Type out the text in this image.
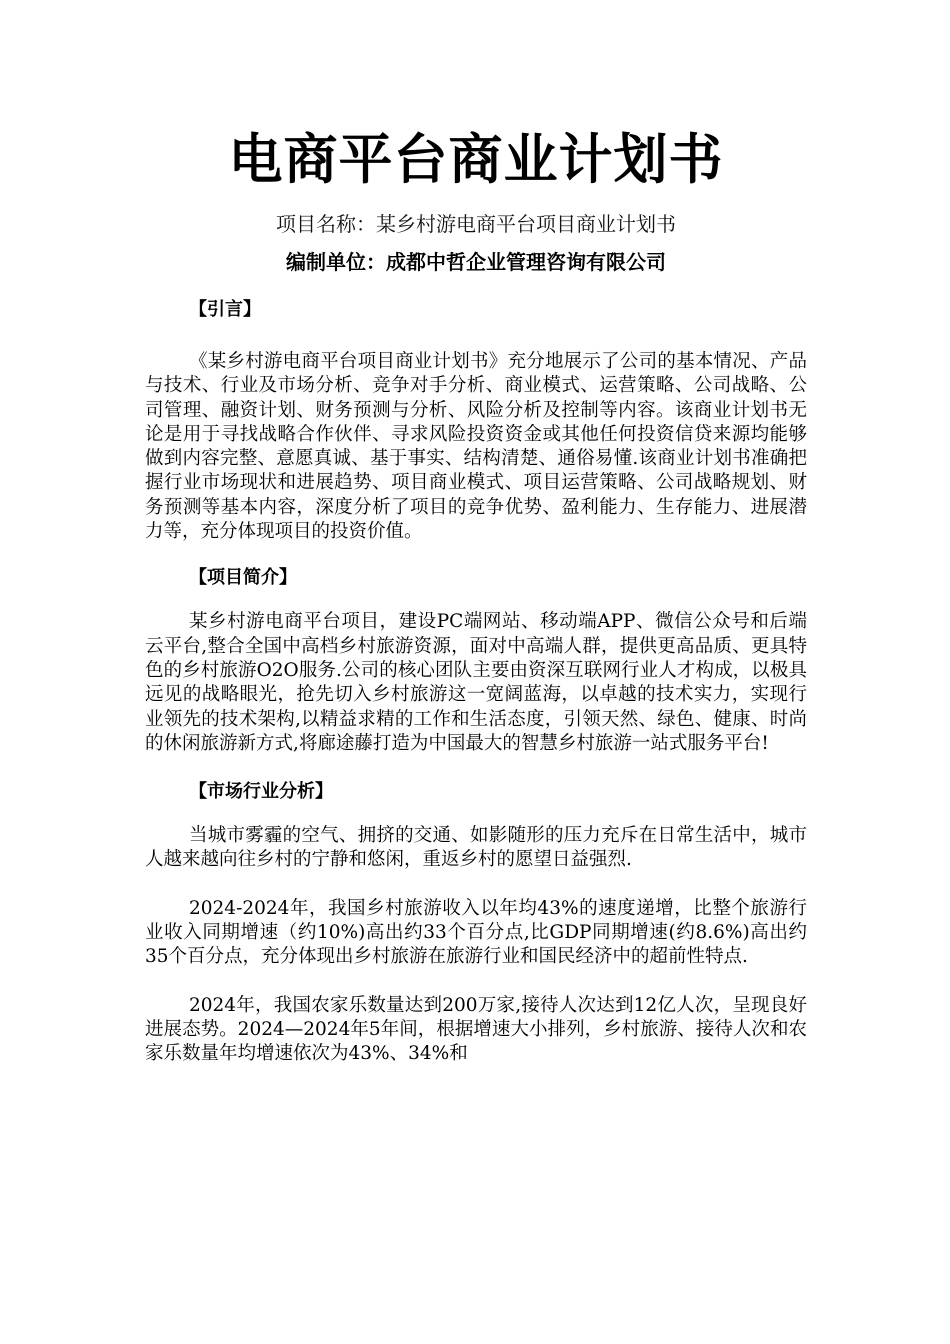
电商平台商业计划书
项目名称：某乡村游电商平台项目商业计划书
编制单位：成都中哲企业管理咨询有限公司
【引言】

《某乡村游电商平台项目商业计划书》充分地展示了公司的基本情况、产品与技术、行业及市场分析、竞争对手分析、商业模式、运营策略、公司战略、公司管理、融资计划、财务预测与分析、风险分析及控制等内容。该商业计划书无论是用于寻找战略合作伙伴、寻求风险投资资金或其他任何投资信贷来源均能够做到内容完整、意愿真诚、基于事实、结构清楚、通俗易懂.该商业计划书准确把握行业市场现状和进展趋势、项目商业模式、项目运营策略、公司战略规划、财务预测等基本内容，深度分析了项目的竞争优势、盈利能力、生存能力、进展潜力等，充分体现项目的投资价值。

【项目简介】

某乡村游电商平台项目，建设PC端网站、移动端APP、微信公众号和后端云平台,整合全国中高档乡村旅游资源，面对中高端人群，提供更高品质、更具特色的乡村旅游O2O服务.公司的核心团队主要由资深互联网行业人才构成，以极具远见的战略眼光，抢先切入乡村旅游这一宽阔蓝海，以卓越的技术实力，实现行业领先的技术架构,以精益求精的工作和生活态度，引领天然、绿色、健康、时尚的休闲旅游新方式,将廊途藤打造为中国最大的智慧乡村旅游一站式服务平台!

【市场行业分析】

当城市雾霾的空气、拥挤的交通、如影随形的压力充斥在日常生活中，城市人越来越向往乡村的宁静和悠闲，重返乡村的愿望日益强烈.

2024-2024年，我国乡村旅游收入以年均43%的速度递增，比整个旅游行业收入同期增速（约10%)高出约33个百分点,比GDP同期增速(约8.6%)高出约35个百分点，充分体现出乡村旅游在旅游行业和国民经济中的超前性特点.

2024年，我国农家乐数量达到200万家,接待人次达到12亿人次，呈现良好进展态势。2024—2024年5年间，根据增速大小排列，乡村旅游、接待人次和农家乐数量年均增速依次为43%、34%和
